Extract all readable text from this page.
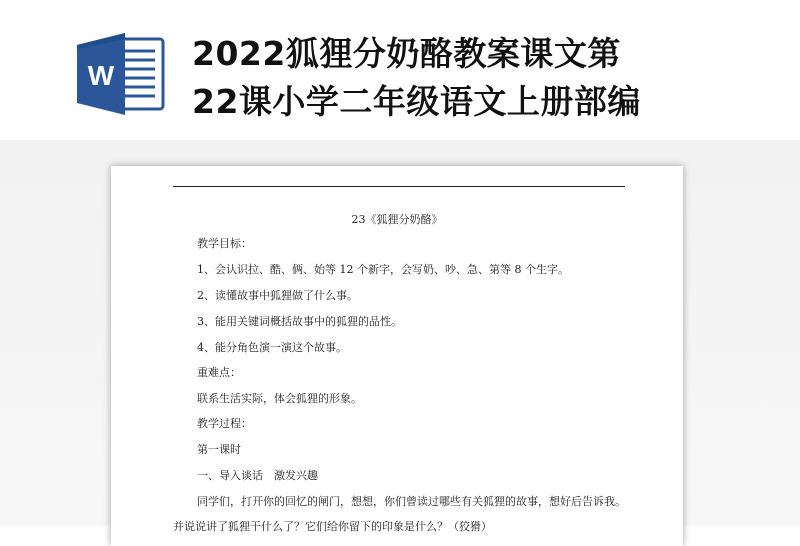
W
2022狐狸分奶酪教案课文第
22课小学二年级语文上册部编
23《狐狸分奶酪》
教学目标：
1、会认识拉、酷、俩、始等 12 个新字，会写奶、吵、急、第等 8 个生字。
2、读懂故事中狐狸做了什么事。
3、能用关键词概括故事中的狐狸的品性。
4、能分角色演一演这个故事。
重难点：
联系生活实际，体会狐狸的形象。
教学过程：
第一课时
一、导入谈话　激发兴趣
同学们，打开你的回忆的闸门，想想，你们曾读过哪些有关狐狸的故事，想好后告诉我。
并说说讲了狐狸干什么了？它们给你留下的印象是什么？（狡猾）
